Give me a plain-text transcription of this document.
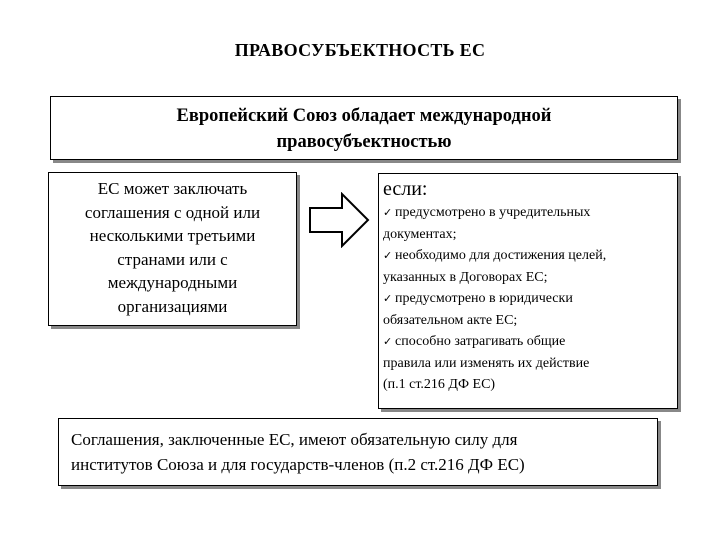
ПРАВОСУБЪЕКТНОСТЬ ЕС
Европейский Союз обладает международной
правосубъектностью
ЕС может заключать
соглашения с одной или
несколькими третьими
странами или с
международными
организациями
если:
✓ предусмотрено в учредительных
документах;
✓ необходимо для достижения целей,
указанных в Договорах ЕС;
✓ предусмотрено в юридически
обязательном акте ЕС;
✓ способно затрагивать общие
правила или изменять их действие
(п.1 ст.216 ДФ ЕС)
Соглашения, заключенные ЕС, имеют обязательную силу для
институтов Союза и для государств-членов (п.2 ст.216 ДФ ЕС)
